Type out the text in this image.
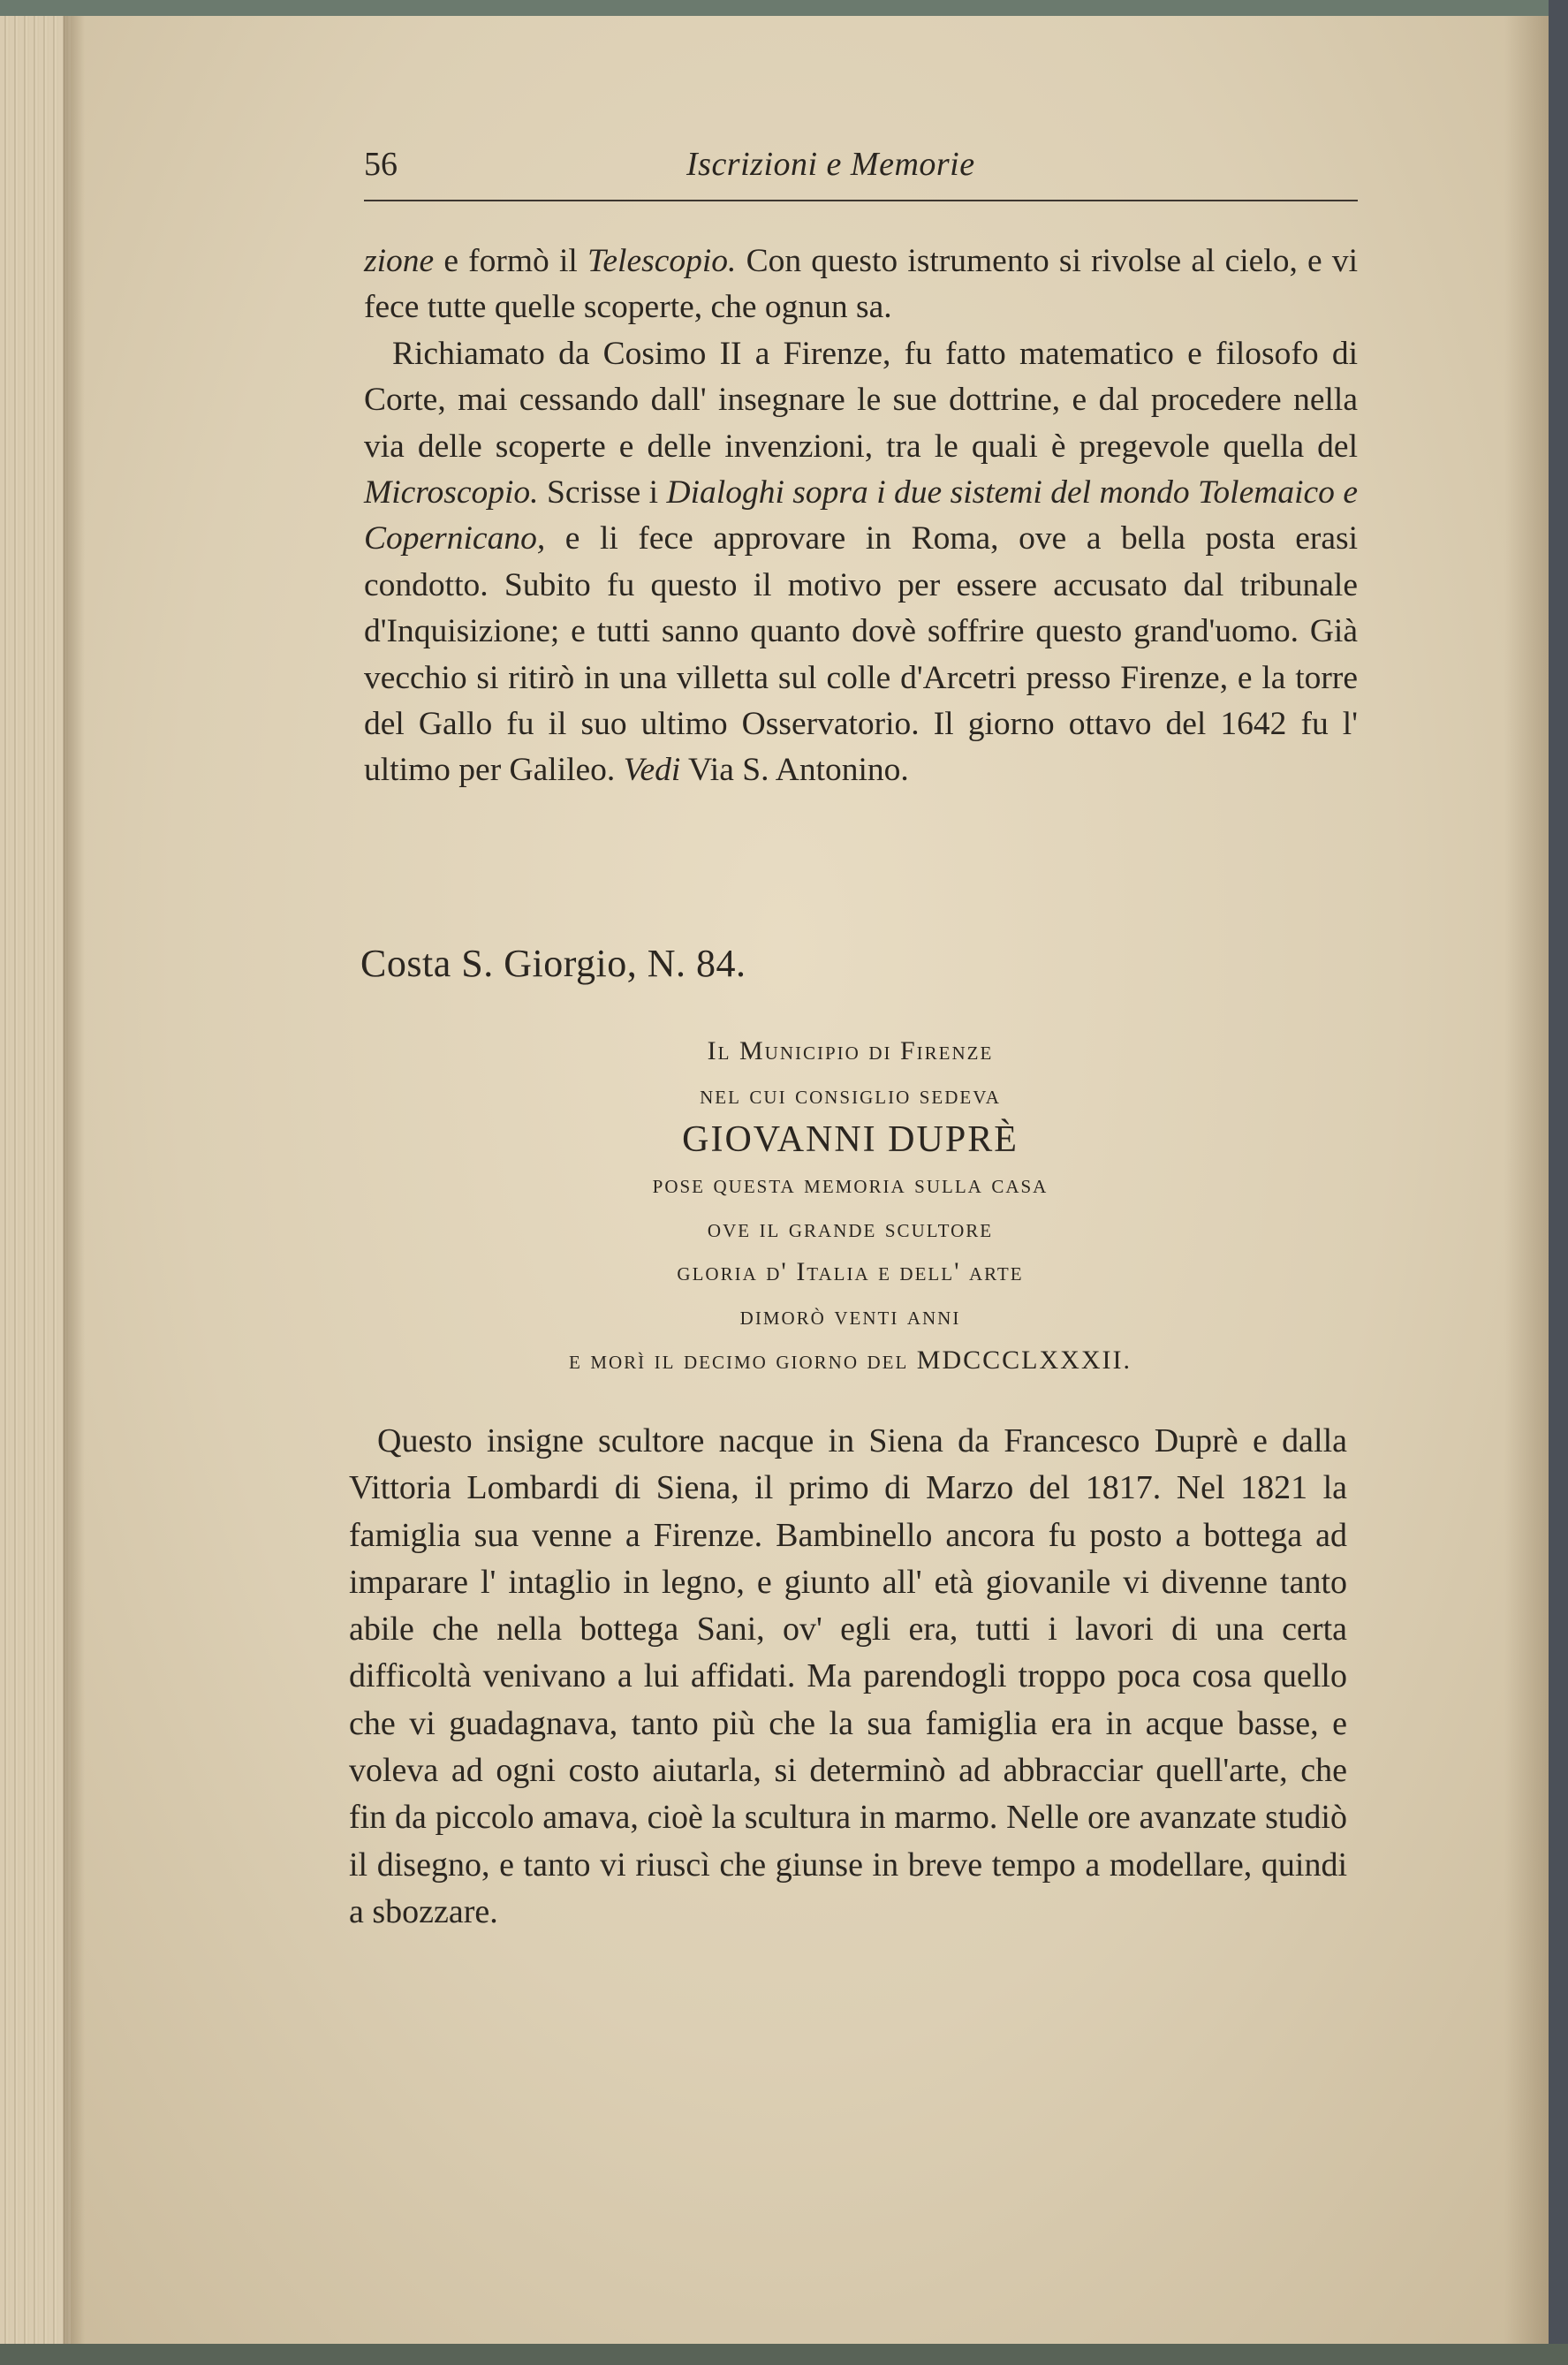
56	Iscrizioni e Memorie

zione e formò il Telescopio. Con questo istrumento si rivolse al cielo, e vi fece tutte quelle scoperte, che ognun sa.

Richiamato da Cosimo II a Firenze, fu fatto matematico e filosofo di Corte, mai cessando dall' insegnare le sue dottrine, e dal procedere nella via delle scoperte e delle invenzioni, tra le quali è pregevole quella del Microscopio. Scrisse i Dialoghi sopra i due sistemi del mondo Tolemaico e Copernicano, e li fece approvare in Roma, ove a bella posta erasi condotto. Subito fu questo il motivo per essere accusato dal tribunale d'Inquisizione; e tutti sanno quanto dovè soffrire questo grand'uomo. Già vecchio si ritirò in una villetta sul colle d'Arcetri presso Firenze, e la torre del Gallo fu il suo ultimo Osservatorio. Il giorno ottavo del 1642 fu l' ultimo per Galileo. Vedi Via S. Antonino.

Costa S. Giorgio, N. 84.
Il Municipio di Firenze
nel cui consiglio sedeva
GIOVANNI DUPRÈ
pose questa memoria sulla casa
ove il grande scultore
gloria d' Italia e dell' arte
dimorò venti anni
e morì il decimo giorno del MDCCCLXXXII.

Questo insigne scultore nacque in Siena da Francesco Duprè e dalla Vittoria Lombardi di Siena, il primo di Marzo del 1817. Nel 1821 la famiglia sua venne a Firenze. Bambinello ancora fu posto a bottega ad imparare l' intaglio in legno, e giunto all' età giovanile vi divenne tanto abile che nella bottega Sani, ov' egli era, tutti i lavori di una certa difficoltà venivano a lui affidati. Ma parendogli troppo poca cosa quello che vi guadagnava, tanto più che la sua famiglia era in acque basse, e voleva ad ogni costo aiutarla, si determinò ad abbracciar quell'arte, che fin da piccolo amava, cioè la scultura in marmo. Nelle ore avanzate studiò il disegno, e tanto vi riuscì che giunse in breve tempo a modellare, quindi a sbozzare.
